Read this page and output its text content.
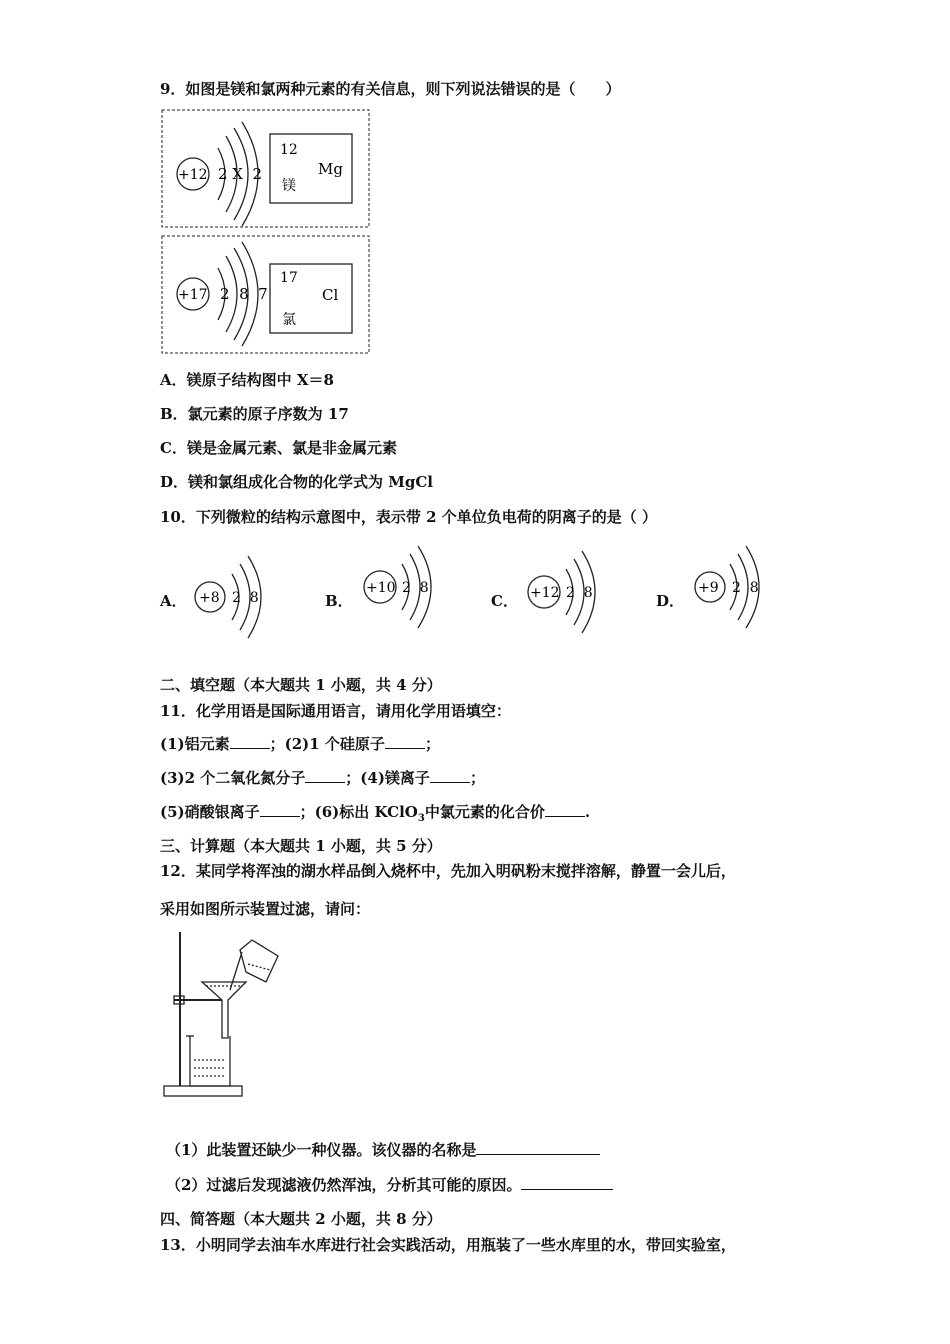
9．如图是镁和氯两种元素的有关信息，则下列说法错误的是（　　）
+12 2 X  2
12
Mg
镁
+17 2  8  7
17
Cl
氯
A．镁原子结构图中 X＝8
B．氯元素的原子序数为 17
C．镁是金属元素、氯是非金属元素
D．镁和氯组成化合物的化学式为 MgCl
10．下列微粒的结构示意图中，表示带 2 个单位负电荷的阴离子的是（ ）
A． +8 2  8	B．
+10 2  8
C． +12 2  8	D．
+9 2  8
二、填空题（本大题共 1 小题，共 4 分）
11．化学用语是国际通用语言，请用化学用语填空：
(1)铝元素	；(2)1 个硅原子	；
(3)2 个二氧化氮分子	；(4)镁离子	；
(5)硝酸银离子	；(6)标出 KClO$_3$中氯元素的化合价	.
三、计算题（本大题共 1 小题，共 5 分）
12．某同学将浑浊的湖水样品倒入烧杯中，先加入明矾粉末搅拌溶解，静置一会儿后，
采用如图所示装置过滤，请问：
（1）此装置还缺少一种仪器。该仪器的名称是
（2）过滤后发现滤液仍然浑浊，分析其可能的原因。
四、简答题（本大题共 2 小题，共 8 分）
13．小明同学去油车水库进行社会实践活动，用瓶装了一些水库里的水，带回实验室，
